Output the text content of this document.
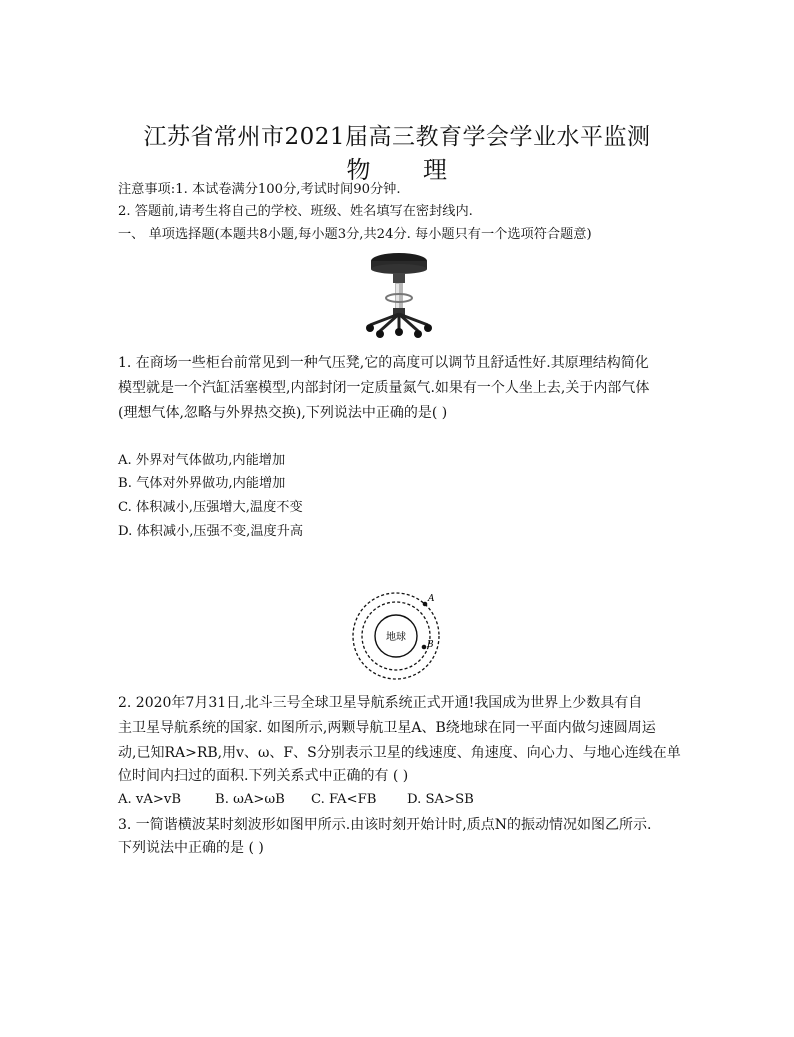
江苏省常州市2021届高三教育学会学业水平监测
物 理
注意事项:1. 本试卷满分100分,考试时间90分钟.
2. 答题前,请考生将自己的学校、班级、姓名填写在密封线内.
一、 单项选择题(本题共8小题,每小题3分,共24分. 每小题只有一个选项符合题意)
1. 在商场一些柜台前常见到一种气压凳,它的高度可以调节且舒适性好.其原理结构简化
模型就是一个汽缸活塞模型,内部封闭一定质量氮气.如果有一个人坐上去,关于内部气体
(理想气体,忽略与外界热交换),下列说法中正确的是( )
A. 外界对气体做功,内能增加
B. 气体对外界做功,内能增加
C. 体积减小,压强增大,温度不变
D. 体积减小,压强不变,温度升高
地球
A
B
2. 2020年7月31日,北斗三号全球卫星导航系统正式开通!我国成为世界上少数具有自
主卫星导航系统的国家. 如图所示,两颗导航卫星A、B绕地球在同一平面内做匀速圆周运
动,已知RA>RB,用v、ω、F、S分别表示卫星的线速度、角速度、向心力、与地心连线在单
位时间内扫过的面积.下列关系式中正确的有 ( )
A. vA>vB	B. ωA>ωB C. FA<FB D. SA>SB
3. 一简谐横波某时刻波形如图甲所示.由该时刻开始计时,质点N的振动情况如图乙所示.
下列说法中正确的是 ( )
